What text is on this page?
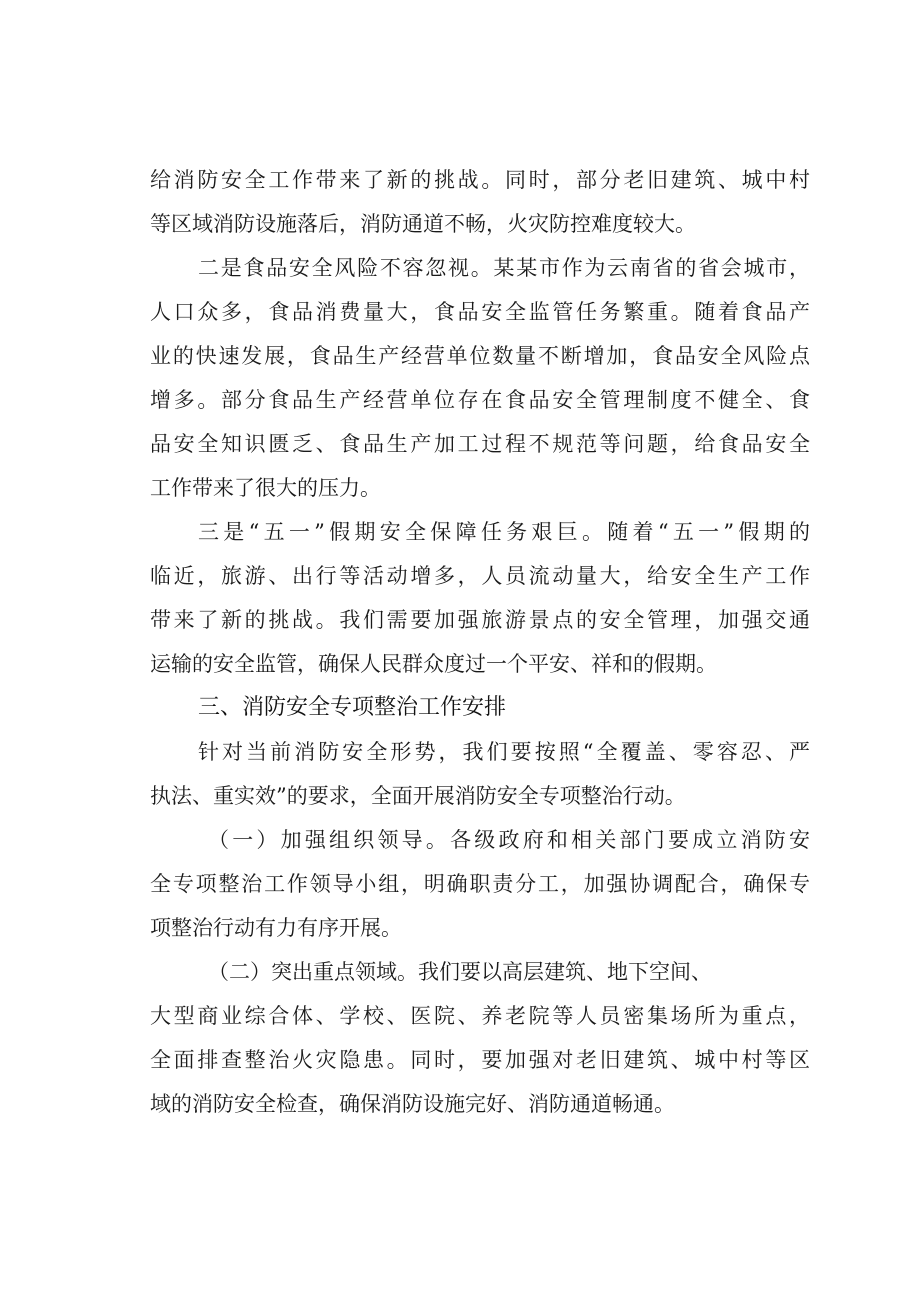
给消防安全工作带来了新的挑战。同时，部分老旧建筑、城中村
等区域消防设施落后，消防通道不畅，火灾防控难度较大。
二是食品安全风险不容忽视。某某市作为云南省的省会城市，
人口众多，食品消费量大，食品安全监管任务繁重。随着食品产
业的快速发展，食品生产经营单位数量不断增加，食品安全风险点
增多。部分食品生产经营单位存在食品安全管理制度不健全、食
品安全知识匮乏、食品生产加工过程不规范等问题，给食品安全
工作带来了很大的压力。
三是“五一”假期安全保障任务艰巨。随着“五一”假期的
临近，旅游、出行等活动增多，人员流动量大，给安全生产工作
带来了新的挑战。我们需要加强旅游景点的安全管理，加强交通
运输的安全监管，确保人民群众度过一个平安、祥和的假期。
三、消防安全专项整治工作安排
针对当前消防安全形势，我们要按照“全覆盖、零容忍、严
执法、重实效”的要求，全面开展消防安全专项整治行动。
（一）加强组织领导。各级政府和相关部门要成立消防安
全专项整治工作领导小组，明确职责分工，加强协调配合，确保专
项整治行动有力有序开展。
（二）突出重点领域。我们要以高层建筑、地下空间、
大型商业综合体、学校、医院、养老院等人员密集场所为重点，
全面排查整治火灾隐患。同时，要加强对老旧建筑、城中村等区
域的消防安全检查，确保消防设施完好、消防通道畅通。
